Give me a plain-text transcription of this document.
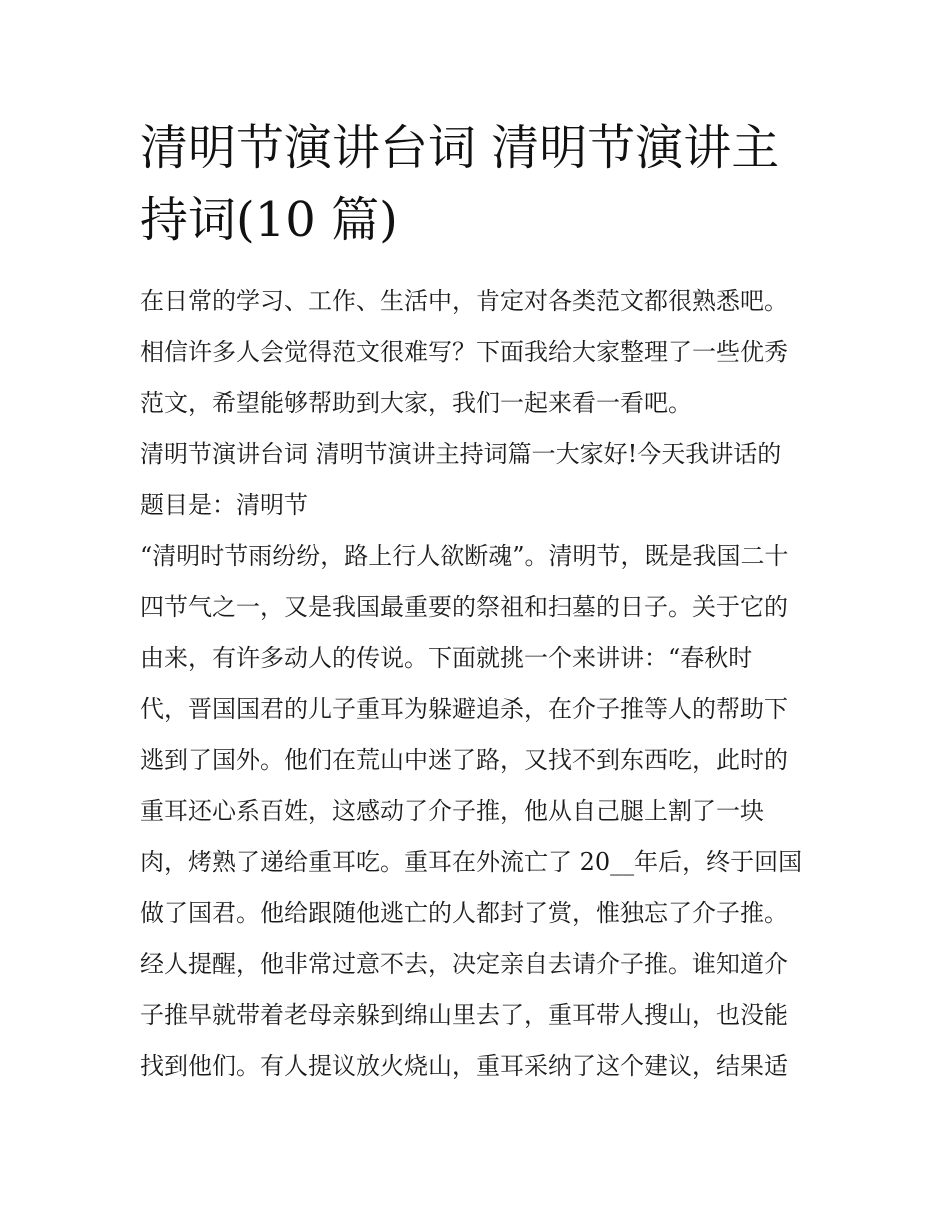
清明节演讲台词 清明节演讲主
持词(10 篇)
在日常的学习、工作、生活中，肯定对各类范文都很熟悉吧。
相信许多人会觉得范文很难写？下面我给大家整理了一些优秀
范文，希望能够帮助到大家，我们一起来看一看吧。
清明节演讲台词 清明节演讲主持词篇一大家好!今天我讲话的
题目是：清明节
“清明时节雨纷纷，路上行人欲断魂”。清明节，既是我国二十
四节气之一，又是我国最重要的祭祖和扫墓的日子。关于它的
由来，有许多动人的传说。下面就挑一个来讲讲：“春秋时
代，晋国国君的儿子重耳为躲避追杀，在介子推等人的帮助下
逃到了国外。他们在荒山中迷了路，又找不到东西吃，此时的
重耳还心系百姓，这感动了介子推，他从自己腿上割了一块
肉，烤熟了递给重耳吃。重耳在外流亡了 20__年后，终于回国
做了国君。他给跟随他逃亡的人都封了赏，惟独忘了介子推。
经人提醒，他非常过意不去，决定亲自去请介子推。谁知道介
子推早就带着老母亲躲到绵山里去了，重耳带人搜山，也没能
找到他们。有人提议放火烧山，重耳采纳了这个建议，结果适
